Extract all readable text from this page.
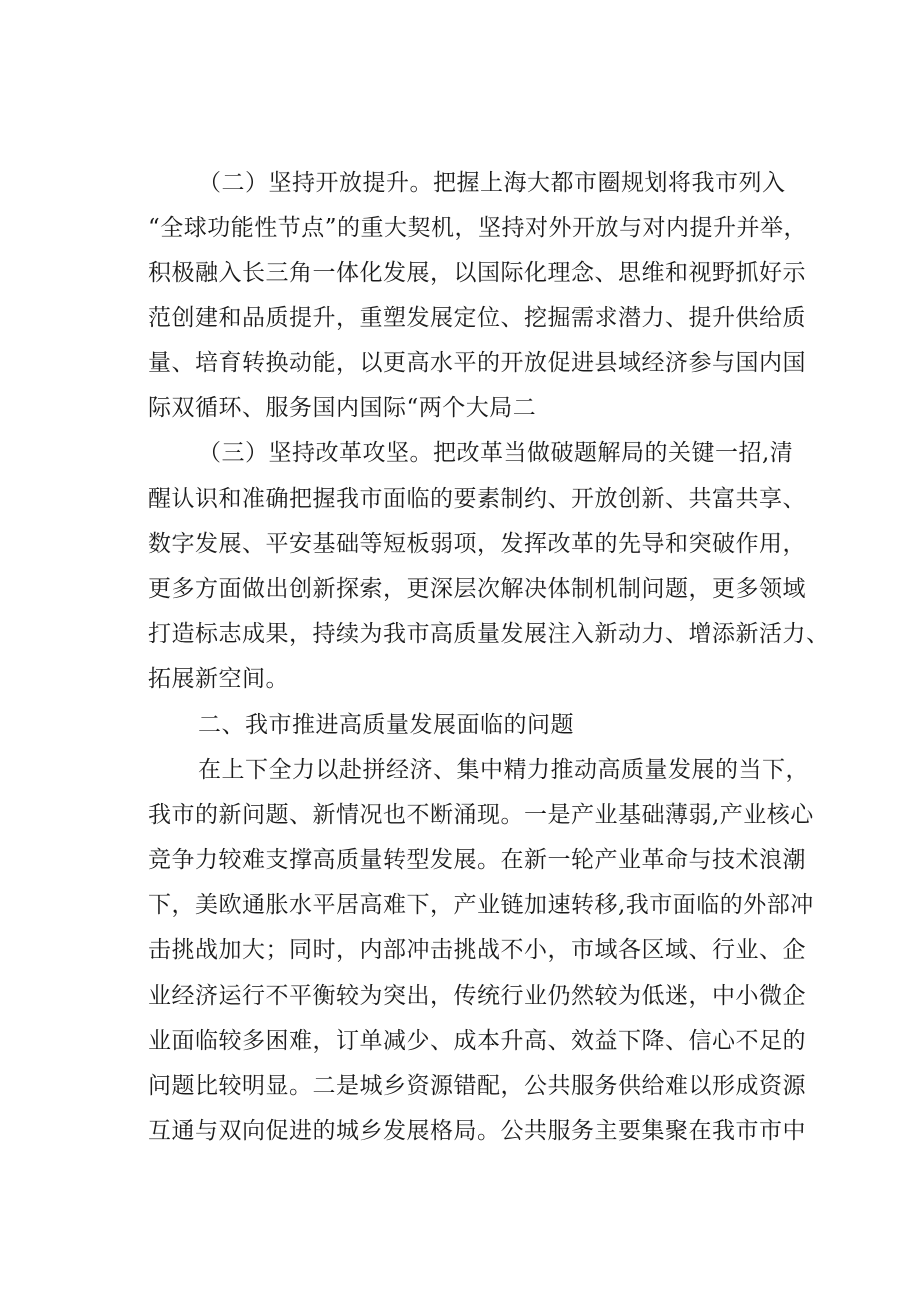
（二）坚持开放提升。把握上海大都市圈规划将我市列入
“全球功能性节点”的重大契机，坚持对外开放与对内提升并举，
积极融入长三角一体化发展，以国际化理念、思维和视野抓好示
范创建和品质提升，重塑发展定位、挖掘需求潜力、提升供给质
量、培育转换动能，以更高水平的开放促进县域经济参与国内国
际双循环、服务国内国际“两个大局二
（三）坚持改革攻坚。把改革当做破题解局的关键一招,清
醒认识和准确把握我市面临的要素制约、开放创新、共富共享、
数字发展、平安基础等短板弱项，发挥改革的先导和突破作用，
更多方面做出创新探索，更深层次解决体制机制问题，更多领域
打造标志成果，持续为我市高质量发展注入新动力、增添新活力、
拓展新空间。
二、我市推进高质量发展面临的问题
在上下全力以赴拼经济、集中精力推动高质量发展的当下，
我市的新问题、新情况也不断涌现。一是产业基础薄弱,产业核心
竞争力较难支撑高质量转型发展。在新一轮产业革命与技术浪潮
下，美欧通胀水平居高难下，产业链加速转移,我市面临的外部冲
击挑战加大；同时，内部冲击挑战不小，市域各区域、行业、企
业经济运行不平衡较为突出，传统行业仍然较为低迷，中小微企
业面临较多困难，订单减少、成本升高、效益下降、信心不足的
问题比较明显。二是城乡资源错配，公共服务供给难以形成资源
互通与双向促进的城乡发展格局。公共服务主要集聚在我市市中
